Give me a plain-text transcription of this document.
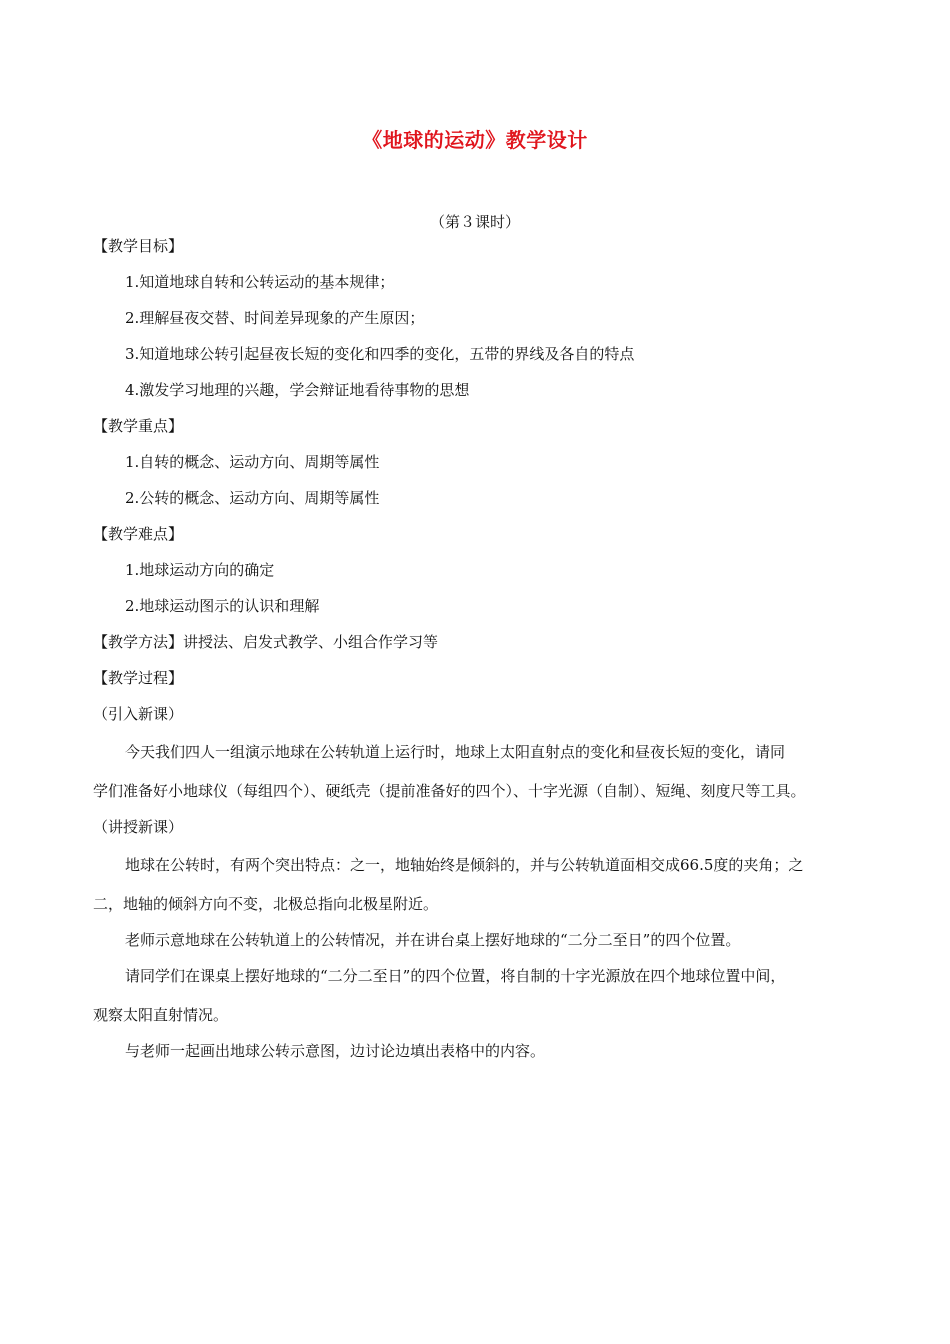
《地球的运动》教学设计
（第３课时）
【教学目标】
1.知道地球自转和公转运动的基本规律；
2.理解昼夜交替、时间差异现象的产生原因；
3.知道地球公转引起昼夜长短的变化和四季的变化，五带的界线及各自的特点
4.激发学习地理的兴趣，学会辩证地看待事物的思想
【教学重点】
1.自转的概念、运动方向、周期等属性
2.公转的概念、运动方向、周期等属性
【教学难点】
1.地球运动方向的确定
2.地球运动图示的认识和理解
【教学方法】讲授法、启发式教学、小组合作学习等
【教学过程】
（引入新课）
今天我们四人一组演示地球在公转轨道上运行时，地球上太阳直射点的变化和昼夜长短的变化，请同
学们准备好小地球仪（每组四个）、硬纸壳（提前准备好的四个）、十字光源（自制）、短绳、刻度尺等工具。
（讲授新课）
地球在公转时，有两个突出特点：之一，地轴始终是倾斜的，并与公转轨道面相交成66.5度的夹角；之
二，地轴的倾斜方向不变，北极总指向北极星附近。
老师示意地球在公转轨道上的公转情况，并在讲台桌上摆好地球的“二分二至日”的四个位置。
请同学们在课桌上摆好地球的“二分二至日”的四个位置，将自制的十字光源放在四个地球位置中间，
观察太阳直射情况。
与老师一起画出地球公转示意图，边讨论边填出表格中的内容。
